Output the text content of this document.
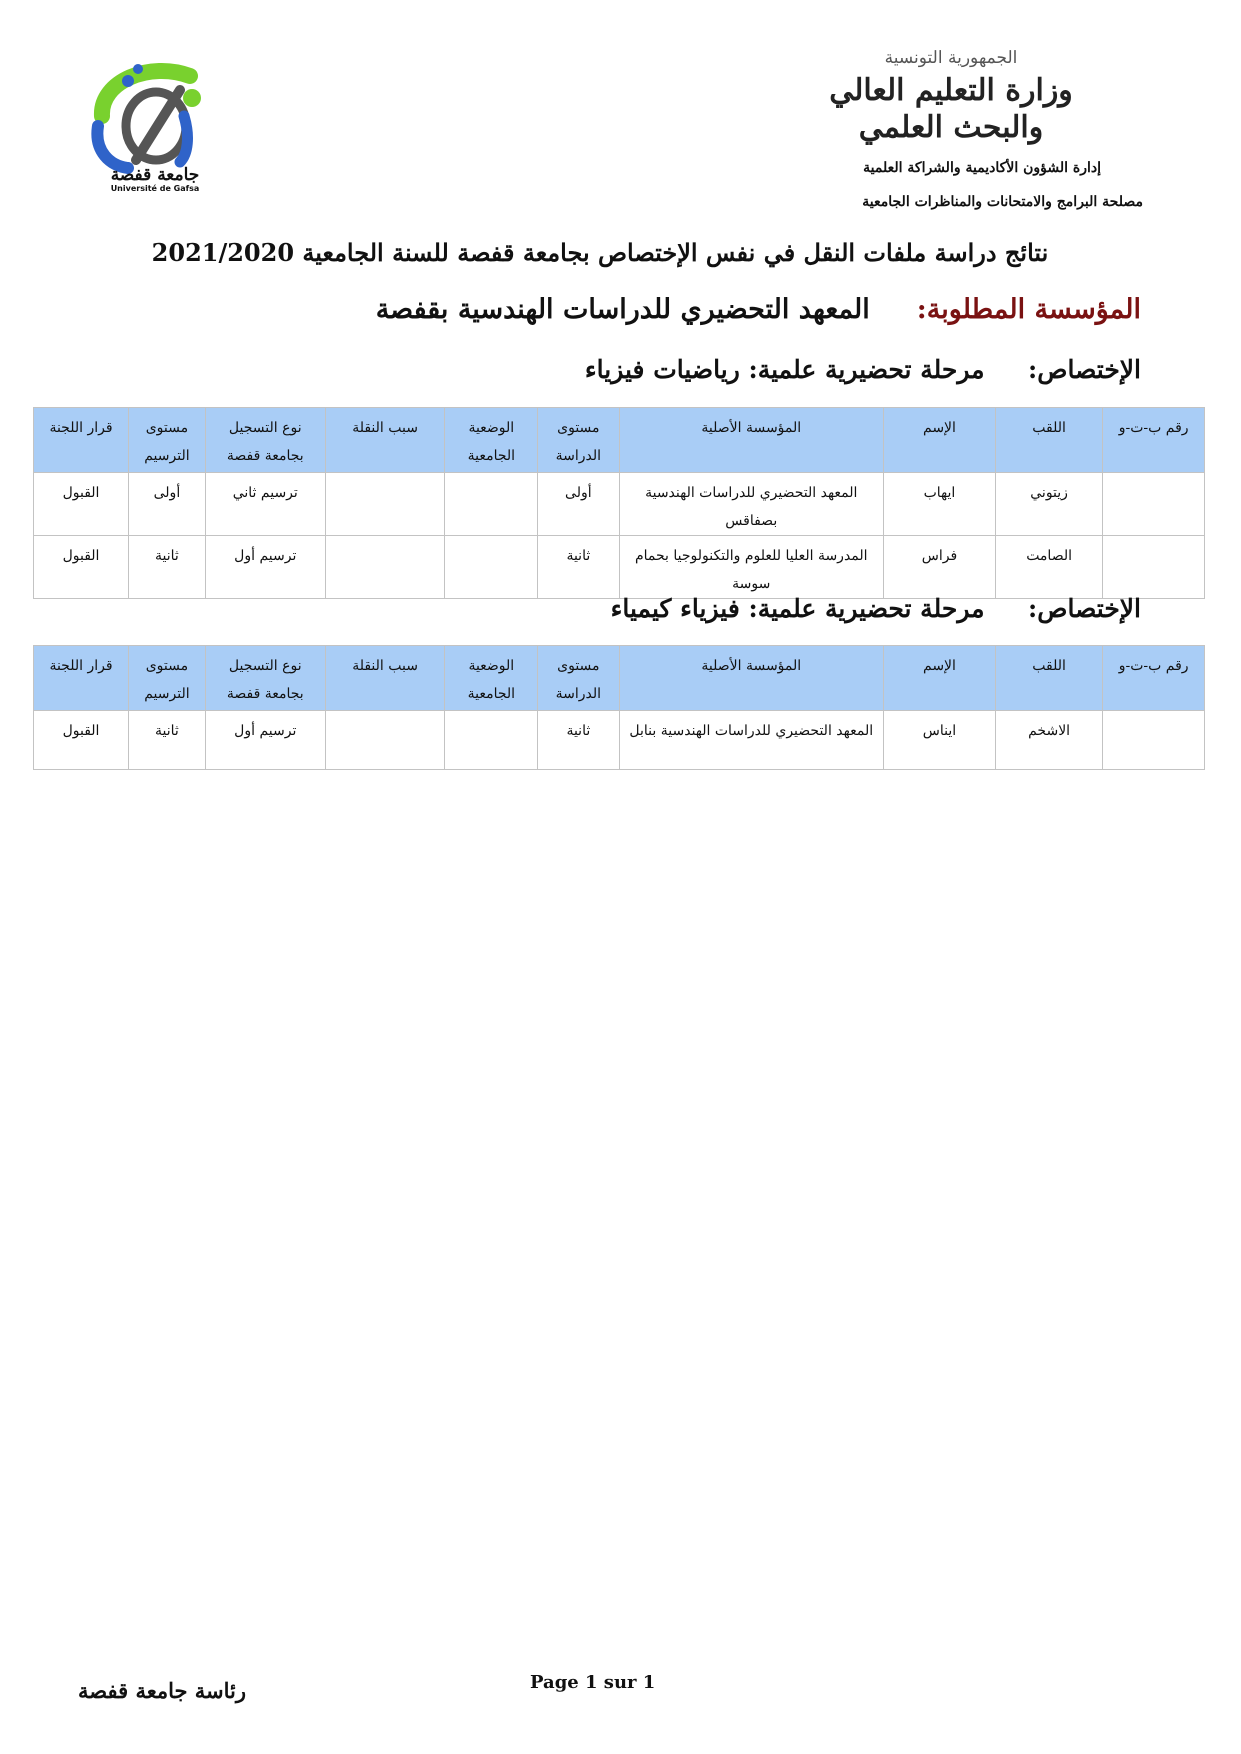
الجمهورية التونسية
وزارة التعليم العالي
والبحث العلمي
إدارة الشؤون الأكاديمية والشراكة العلمية
مصلحة البرامج والامتحانات والمناظرات الجامعية
جامعة قفصة
Université de Gafsa
نتائج دراسة ملفات النقل في نفس الإختصاص بجامعة قفصة للسنة الجامعية 2021/2020
المؤسسة المطلوبة:     المعهد التحضيري للدراسات الهندسية بقفصة
الإختصاص:     مرحلة تحضيرية علمية: رياضيات فيزياء
رقم ب-ت-و	اللقب	الإسم	المؤسسة الأصلية	مستوى الدراسة	الوضعية الجامعية	سبب النقلة	نوع التسجيل بجامعة قفصة	مستوى الترسيم	قرار اللجنة
	زيتوني	ايهاب	المعهد التحضيري للدراسات الهندسية بصفاقس	أولى			ترسيم ثاني	أولى	القبول
	الصامت	فراس	المدرسة العليا للعلوم والتكنولوجيا بحمام سوسة	ثانية			ترسيم أول	ثانية	القبول
الإختصاص:     مرحلة تحضيرية علمية: فيزياء كيمياء
رقم ب-ت-و	اللقب	الإسم	المؤسسة الأصلية	مستوى الدراسة	الوضعية الجامعية	سبب النقلة	نوع التسجيل بجامعة قفصة	مستوى الترسيم	قرار اللجنة
	الاشخم	ايناس	المعهد التحضيري للدراسات الهندسية بنابل	ثانية			ترسيم أول	ثانية	القبول
رئاسة جامعة قفصة	Page 1 sur 1
